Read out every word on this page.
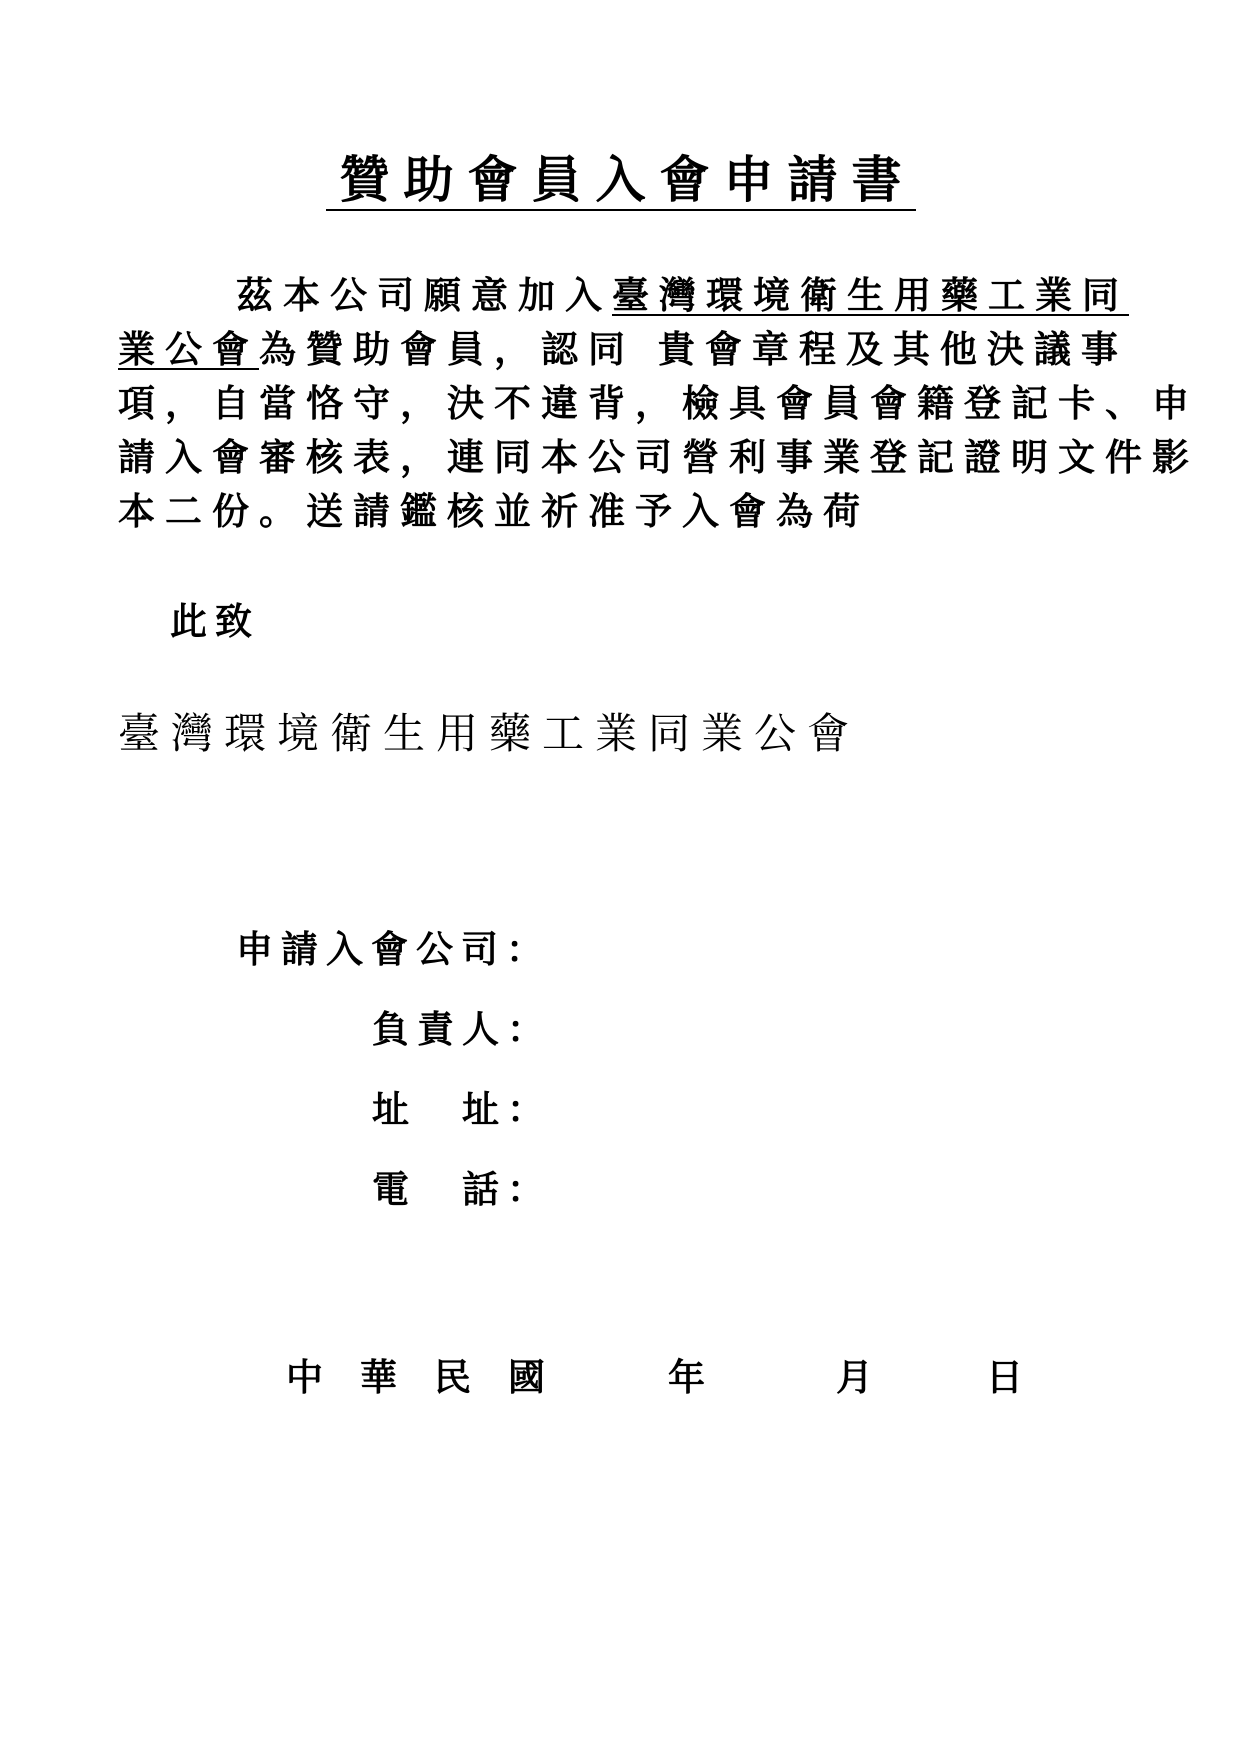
贊助會員入會申請書
茲本公司願意加入臺灣環境衛生用藥工業同
業公會為贊助會員，認同 貴會章程及其他決議事
項，自當恪守，決不違背，檢具會員會籍登記卡、申
請入會審核表，連同本公司營利事業登記證明文件影
本二份。送請鑑核並祈准予入會為荷
此致
臺灣環境衛生用藥工業同業公會
申請入會公司：
負責人：
址　址：
電　話：
中　華　民　國	年	月	日
